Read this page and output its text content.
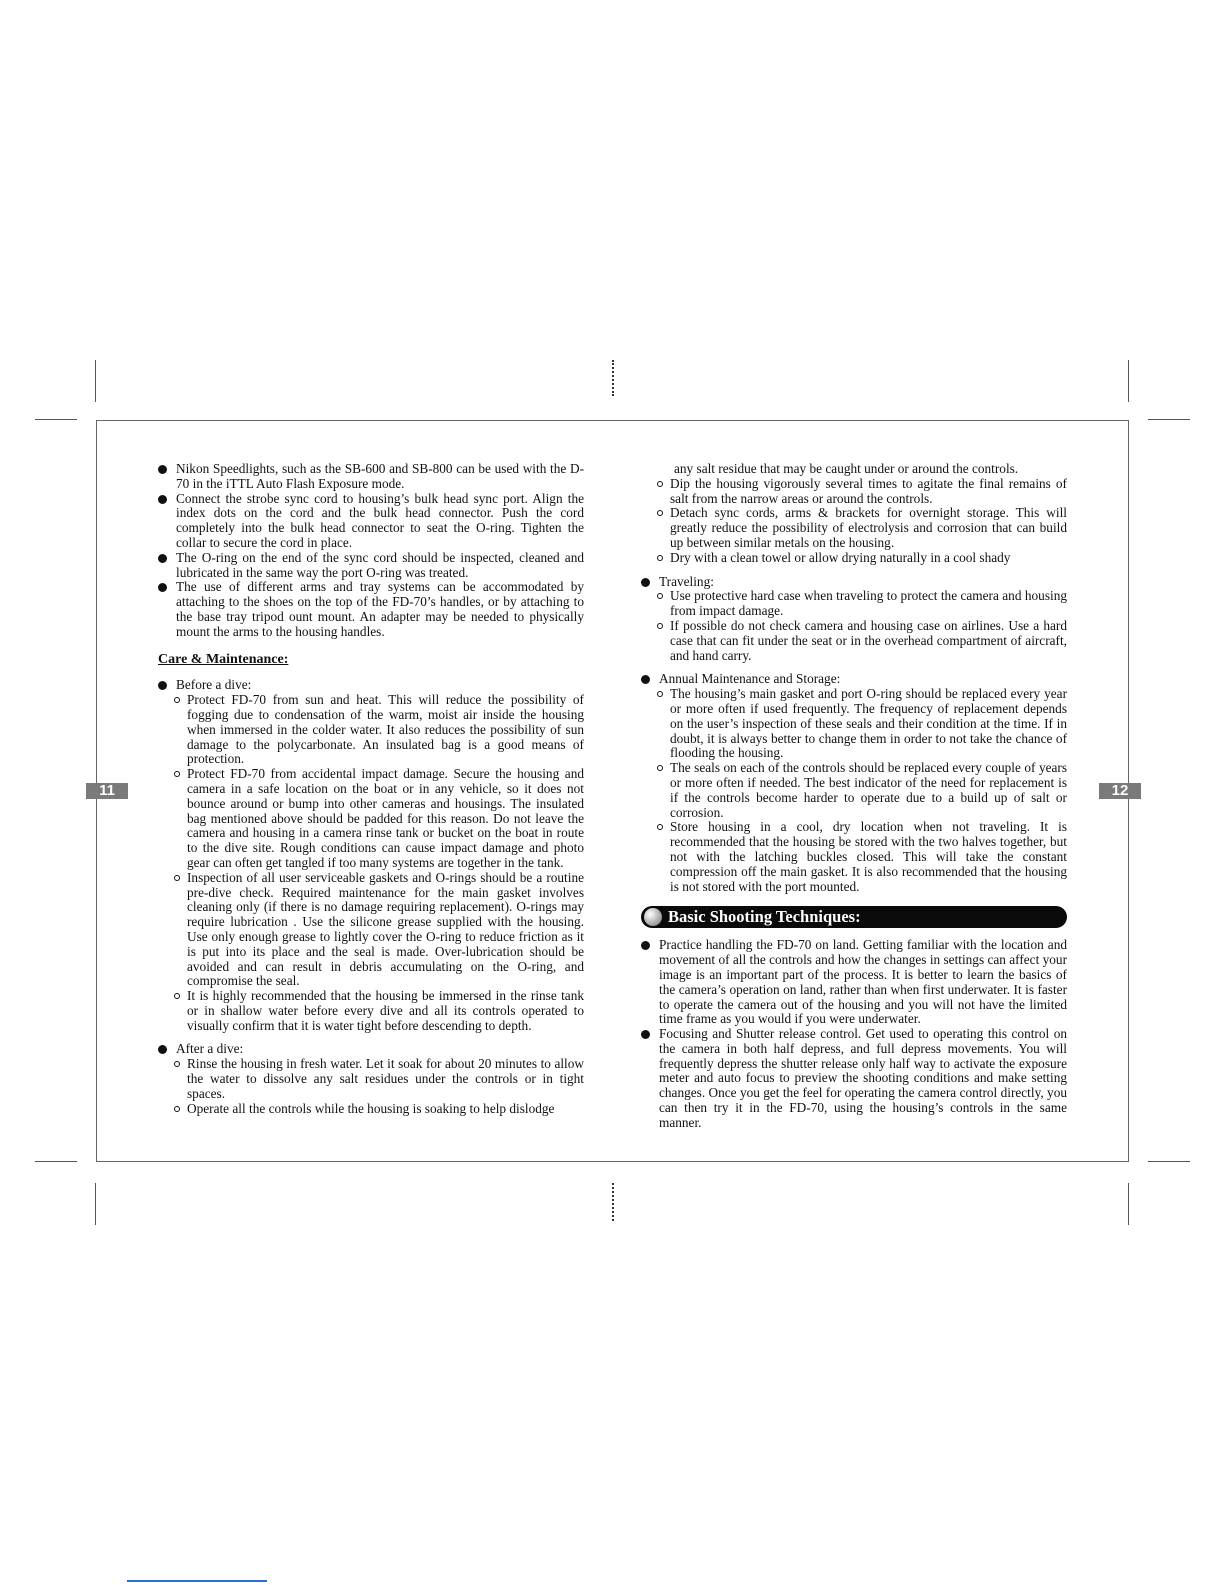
11	12

Nikon Speedlights, such as the SB-600 and SB-800 can be used with the D-70 in the iTTL Auto Flash Exposure mode.

Connect the strobe sync cord to housing’s bulk head sync port. Align the index dots on the cord and the bulk head connector. Push the cord completely into the bulk head connector to seat the O-ring. Tighten the collar to secure the cord in place.

The O-ring on the end of the sync cord should be inspected, cleaned and lubricated in the same way the port O-ring was treated.

The use of different arms and tray systems can be accommodated by attaching to the shoes on the top of the FD-70’s handles, or by attaching to the base tray tripod ount mount. An adapter may be needed to physically mount the arms to the housing handles.

Care & Maintenance:

Before a dive:

Protect FD-70 from sun and heat. This will reduce the possibility of fogging due to condensation of the warm, moist air inside the housing when immersed in the colder water. It also reduces the possibility of sun damage to the polycarbonate. An insulated bag is a good means of protection.

Protect FD-70 from accidental impact damage. Secure the housing and camera in a safe location on the boat or in any vehicle, so it does not bounce around or bump into other cameras and housings. The insulated bag mentioned above should be padded for this reason. Do not leave the camera and housing in a camera rinse tank or bucket on the boat in route to the dive site. Rough conditions can cause impact damage and photo gear can often get tangled if too many systems are together in the tank.

Inspection of all user serviceable gaskets and O-rings should be a routine pre-dive check. Required maintenance for the main gasket involves cleaning only (if there is no damage requiring replacement). O-rings may require lubrication . Use the silicone grease supplied with the housing. Use only enough grease to lightly cover the O-ring to reduce friction as it is put into its place and the seal is made. Over-lubrication should be avoided and can result in debris accumulating on the O-ring, and compromise the seal.

It is highly recommended that the housing be immersed in the rinse tank or in shallow water before every dive and all its controls operated to visually confirm that it is water tight before descending to depth.

After a dive:

Rinse the housing in fresh water. Let it soak for about 20 minutes to allow the water to dissolve any salt residues under the controls or in tight spaces.

Operate all the controls while the housing is soaking to help dislodge

any salt residue that may be caught under or around the controls.

Dip the housing vigorously several times to agitate the final remains of salt from the narrow areas or around the controls.

Detach sync cords, arms & brackets for overnight storage. This will greatly reduce the possibility of electrolysis and corrosion that can build up between similar metals on the housing.

Dry with a clean towel or allow drying naturally in a cool shady

Traveling:

Use protective hard case when traveling to protect the camera and housing from impact damage.

If possible do not check camera and housing case on airlines. Use a hard case that can fit under the seat or in the overhead compartment of aircraft, and hand carry.

Annual Maintenance and Storage:

The housing’s main gasket and port O-ring should be replaced every year or more often if used frequently. The frequency of replacement depends on the user’s inspection of these seals and their condition at the time. If in doubt, it is always better to change them in order to not take the chance of flooding the housing.

The seals on each of the controls should be replaced every couple of years or more often if needed. The best indicator of the need for replacement is if the controls become harder to operate due to a build up of salt or corrosion.

Store housing in a cool, dry location when not traveling. It is recommended that the housing be stored with the two halves together, but not with the latching buckles closed. This will take the constant compression off the main gasket. It is also recommended that the housing is not stored with the port mounted.

Basic Shooting Techniques:

Practice handling the FD-70 on land. Getting familiar with the location and movement of all the controls and how the changes in settings can affect your image is an important part of the process. It is better to learn the basics of the camera’s operation on land, rather than when first underwater. It is faster to operate the camera out of the housing and you will not have the limited time frame as you would if you were underwater.

Focusing and Shutter release control. Get used to operating this control on the camera in both half depress, and full depress movements. You will frequently depress the shutter release only half way to activate the exposure meter and auto focus to preview the shooting conditions and make setting changes. Once you get the feel for operating the camera control directly, you can then try it in the FD-70, using the housing’s controls in the same manner.
